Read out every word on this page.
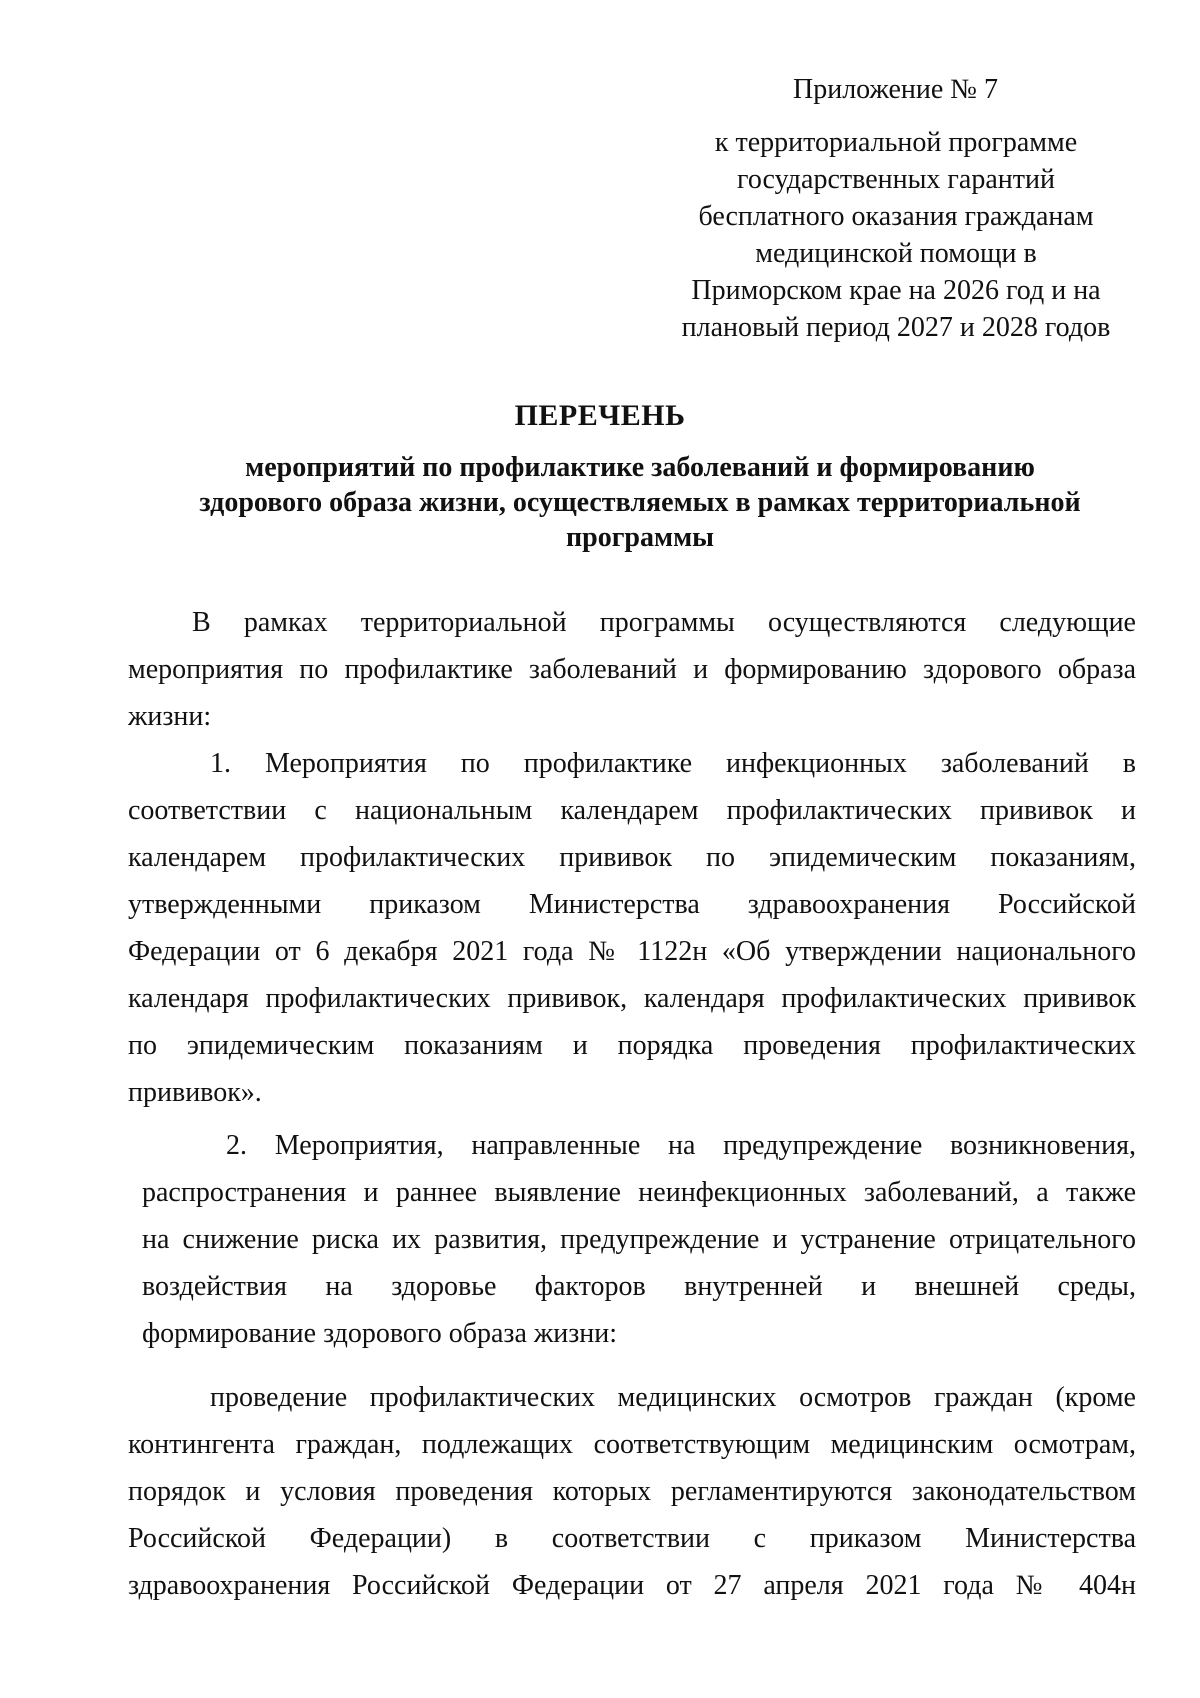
Приложение № 7
к территориальной программе
государственных гарантий
бесплатного оказания гражданам
медицинской помощи в
Приморском крае на 2026 год и на
плановый период 2027 и 2028 годов
ПЕРЕЧЕНЬ
мероприятий по профилактике заболеваний и формированию
здорового образа жизни, осуществляемых в рамках территориальной
программы
В рамках территориальной программы осуществляются следующие
мероприятия по профилактике заболеваний и формированию здорового образа
жизни:
1. Мероприятия по профилактике инфекционных заболеваний в
соответствии с национальным календарем профилактических прививок и
календарем профилактических прививок по эпидемическим показаниям,
утвержденными приказом Министерства здравоохранения Российской
Федерации от 6 декабря 2021 года № 1122н «Об утверждении национального
календаря профилактических прививок, календаря профилактических прививок
по эпидемическим показаниям и порядка проведения профилактических
прививок».
2. Мероприятия, направленные на предупреждение возникновения,
распространения и раннее выявление неинфекционных заболеваний, а также
на снижение риска их развития, предупреждение и устранение отрицательного
воздействия на здоровье факторов внутренней и внешней среды,
формирование здорового образа жизни:
проведение профилактических медицинских осмотров граждан (кроме
контингента граждан, подлежащих соответствующим медицинским осмотрам,
порядок и условия проведения которых регламентируются законодательством
Российской Федерации) в соответствии с приказом Министерства
здравоохранения Российской Федерации от 27 апреля 2021 года № 404н
